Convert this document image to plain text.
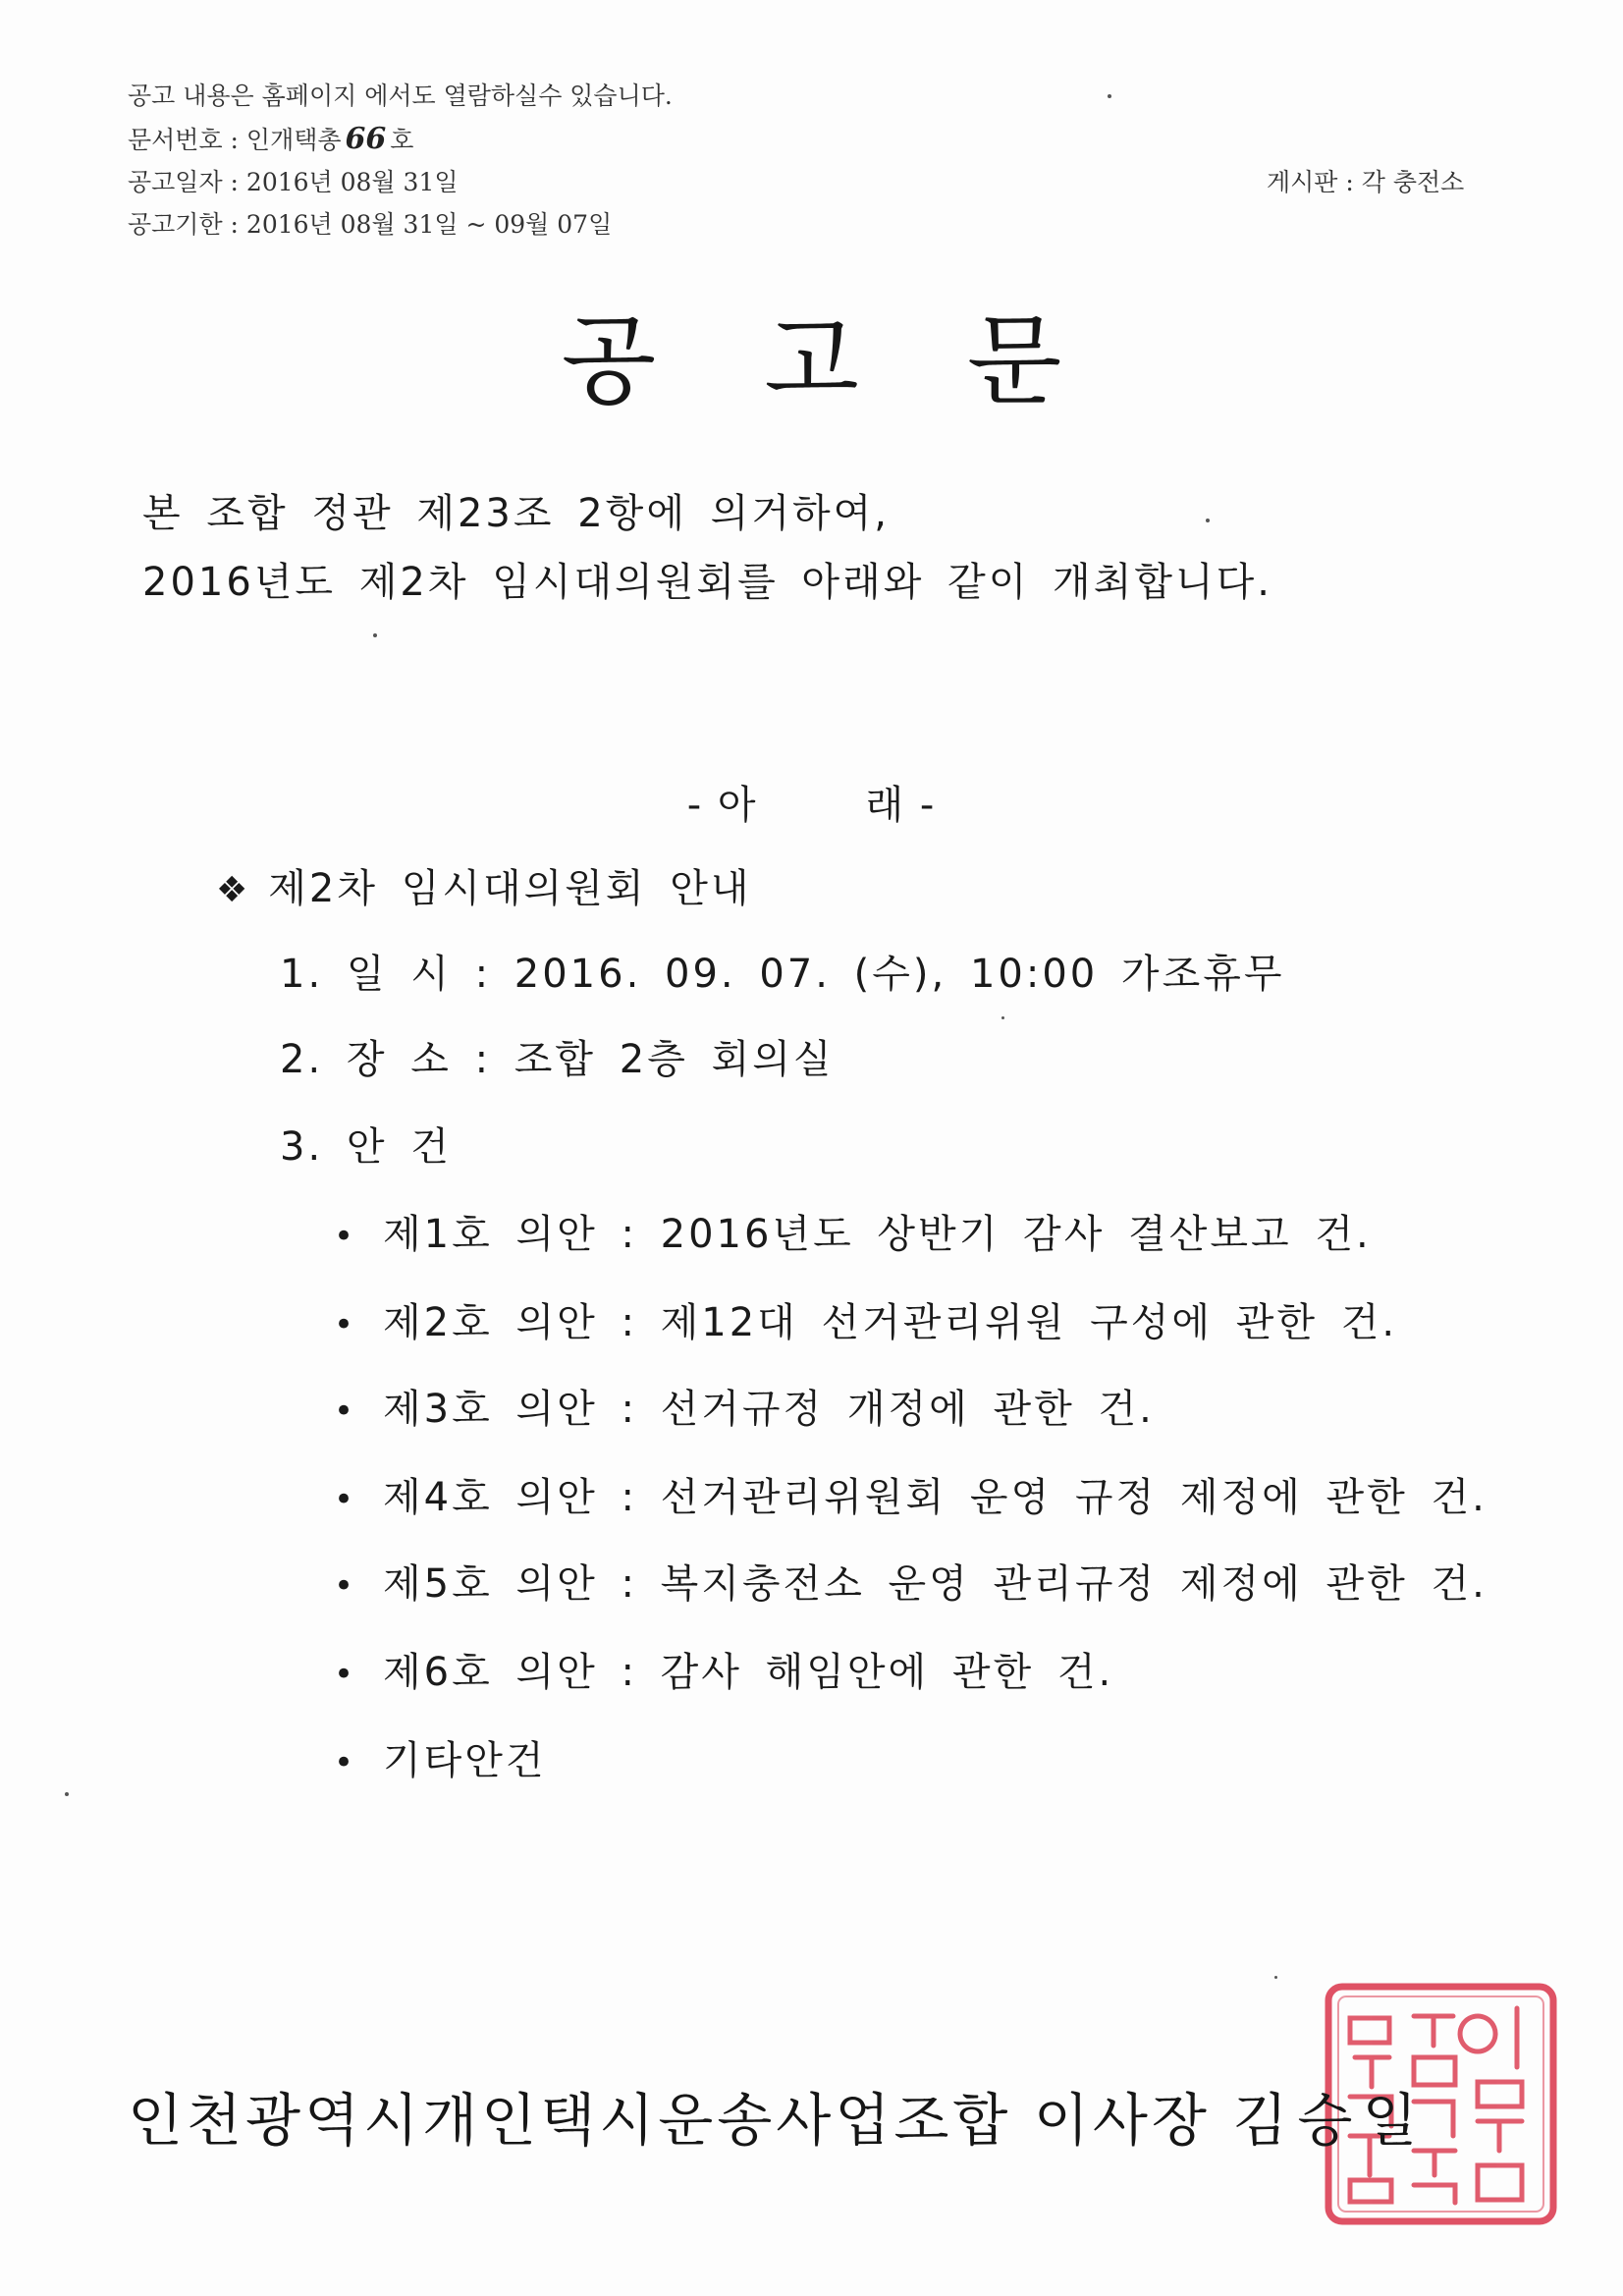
공고 내용은 홈페이지 에서도 열람하실수 있습니다.
문서번호 : 인개택총 66 호
공고일자 : 2016년 08월 31일
공고기한 : 2016년 08월 31일 ~ 09월 07일
게시판 : 각 충전소
공고문
본 조합 정관 제23조 2항에 의거하여,
2016년도 제2차 임시대의원회를 아래와 같이 개최합니다.
- 아	래 -
❖ 제2차 임시대의원회 안내
1. 일 시 : 2016. 09. 07. (수), 10:00 가조휴무
2. 장 소 : 조합 2층 회의실
3. 안 건
• 제1호 의안 : 2016년도 상반기 감사 결산보고 건.
• 제2호 의안 : 제12대 선거관리위원 구성에 관한 건.
• 제3호 의안 : 선거규정 개정에 관한 건.
• 제4호 의안 : 선거관리위원회 운영 규정 제정에 관한 건.
• 제5호 의안 : 복지충전소 운영 관리규정 제정에 관한 건.
• 제6호 의안 : 감사 해임안에 관한 건.
• 기타안건
인천광역시개인택시운송사업조합 이사장 김승일
